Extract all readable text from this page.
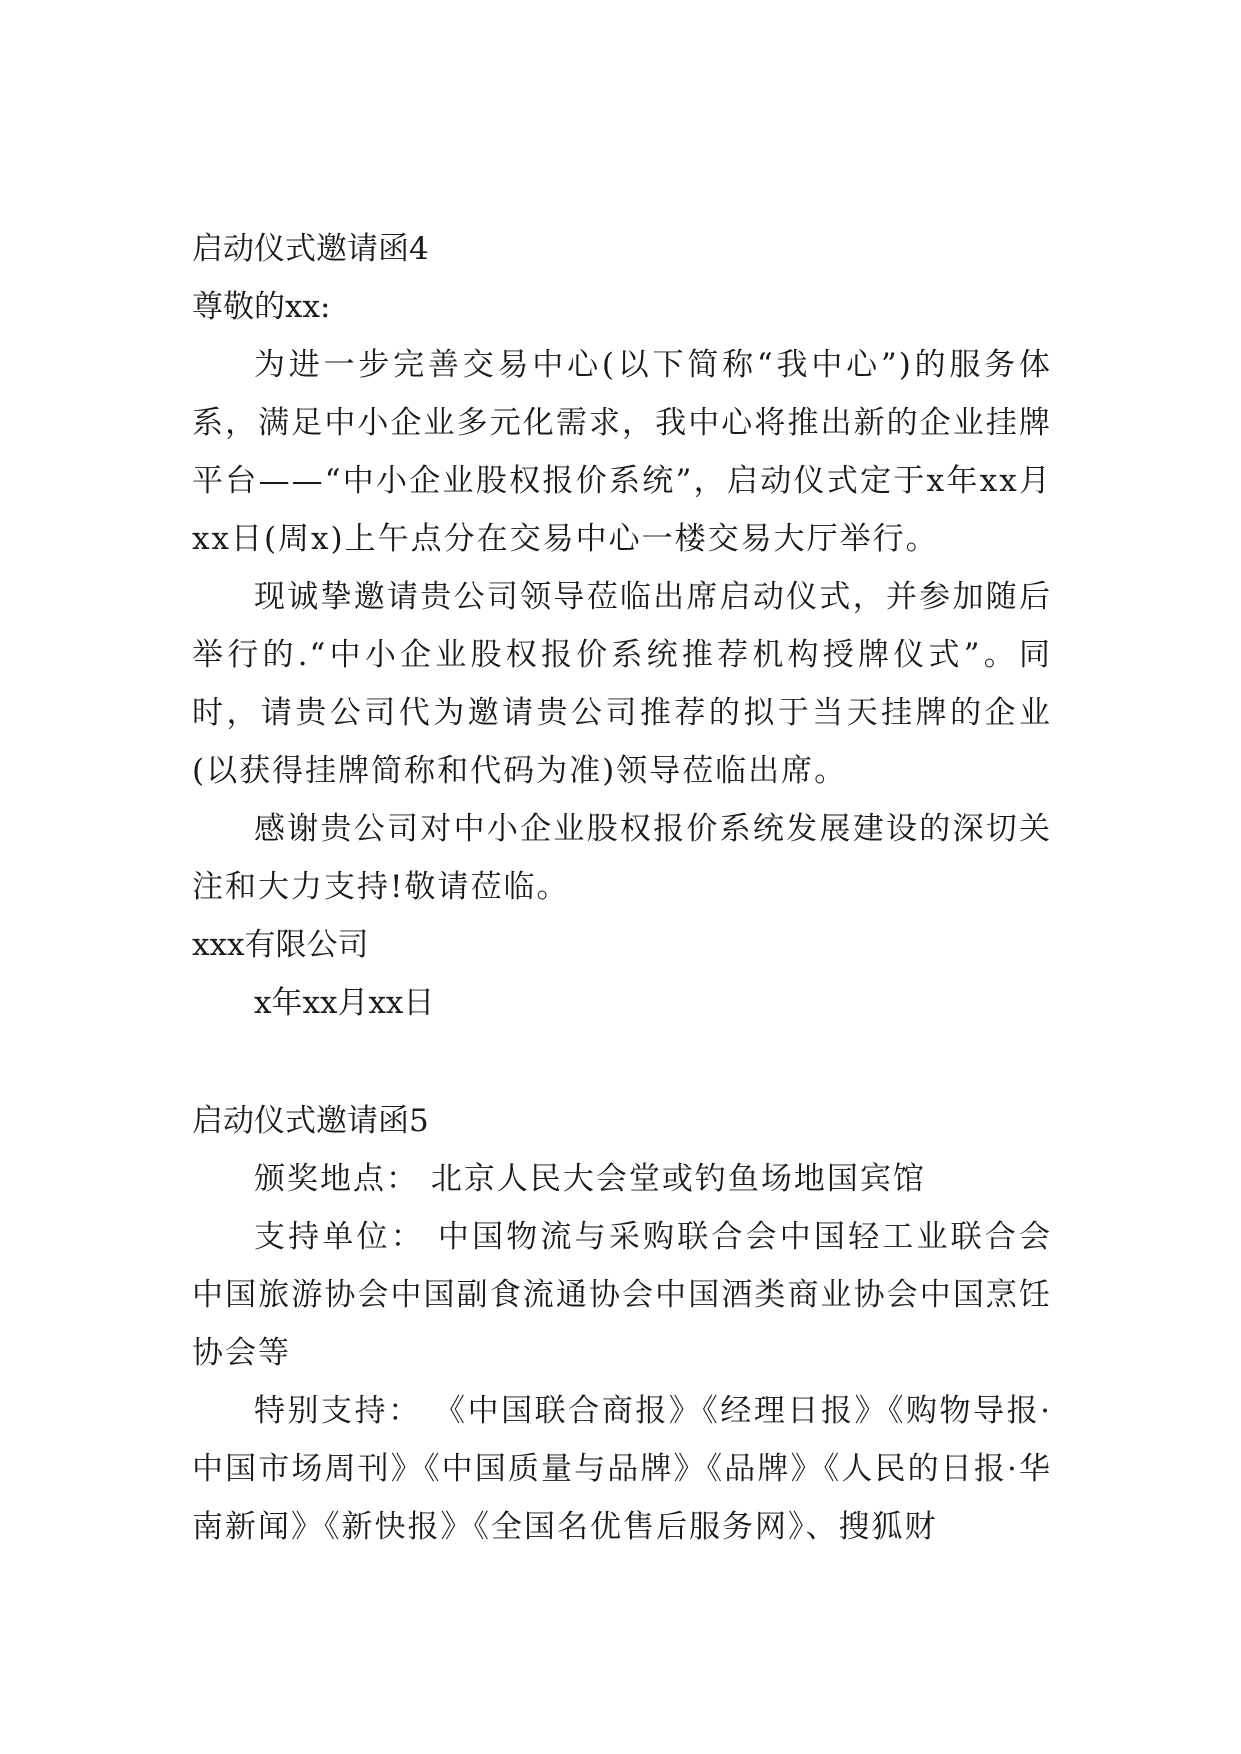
启动仪式邀请函4
尊敬的xx:

为进一步完善交易中心(以下简称“我中心”)的服务体系，满足中小企业多元化需求，我中心将推出新的企业挂牌平台——“中小企业股权报价系统”，启动仪式定于x年xx月xx日(周x)上午点分在交易中心一楼交易大厅举行。

现诚挚邀请贵公司领导莅临出席启动仪式，并参加随后举行的.“中小企业股权报价系统推荐机构授牌仪式”。同时，请贵公司代为邀请贵公司推荐的拟于当天挂牌的企业(以获得挂牌简称和代码为准)领导莅临出席。

感谢贵公司对中小企业股权报价系统发展建设的深切关注和大力支持!敬请莅临。

xxx有限公司
x年xx月xx日
启动仪式邀请函5

颁奖地点： 北京人民大会堂或钓鱼场地国宾馆

支持单位： 中国物流与采购联合会中国轻工业联合会中国旅游协会中国副食流通协会中国酒类商业协会中国烹饪协会等

特别支持： 《中国联合商报》《经理日报》《购物导报·中国市场周刊》《中国质量与品牌》《品牌》《人民的日报·华南新闻》《新快报》《全国名优售后服务网》、搜狐财
